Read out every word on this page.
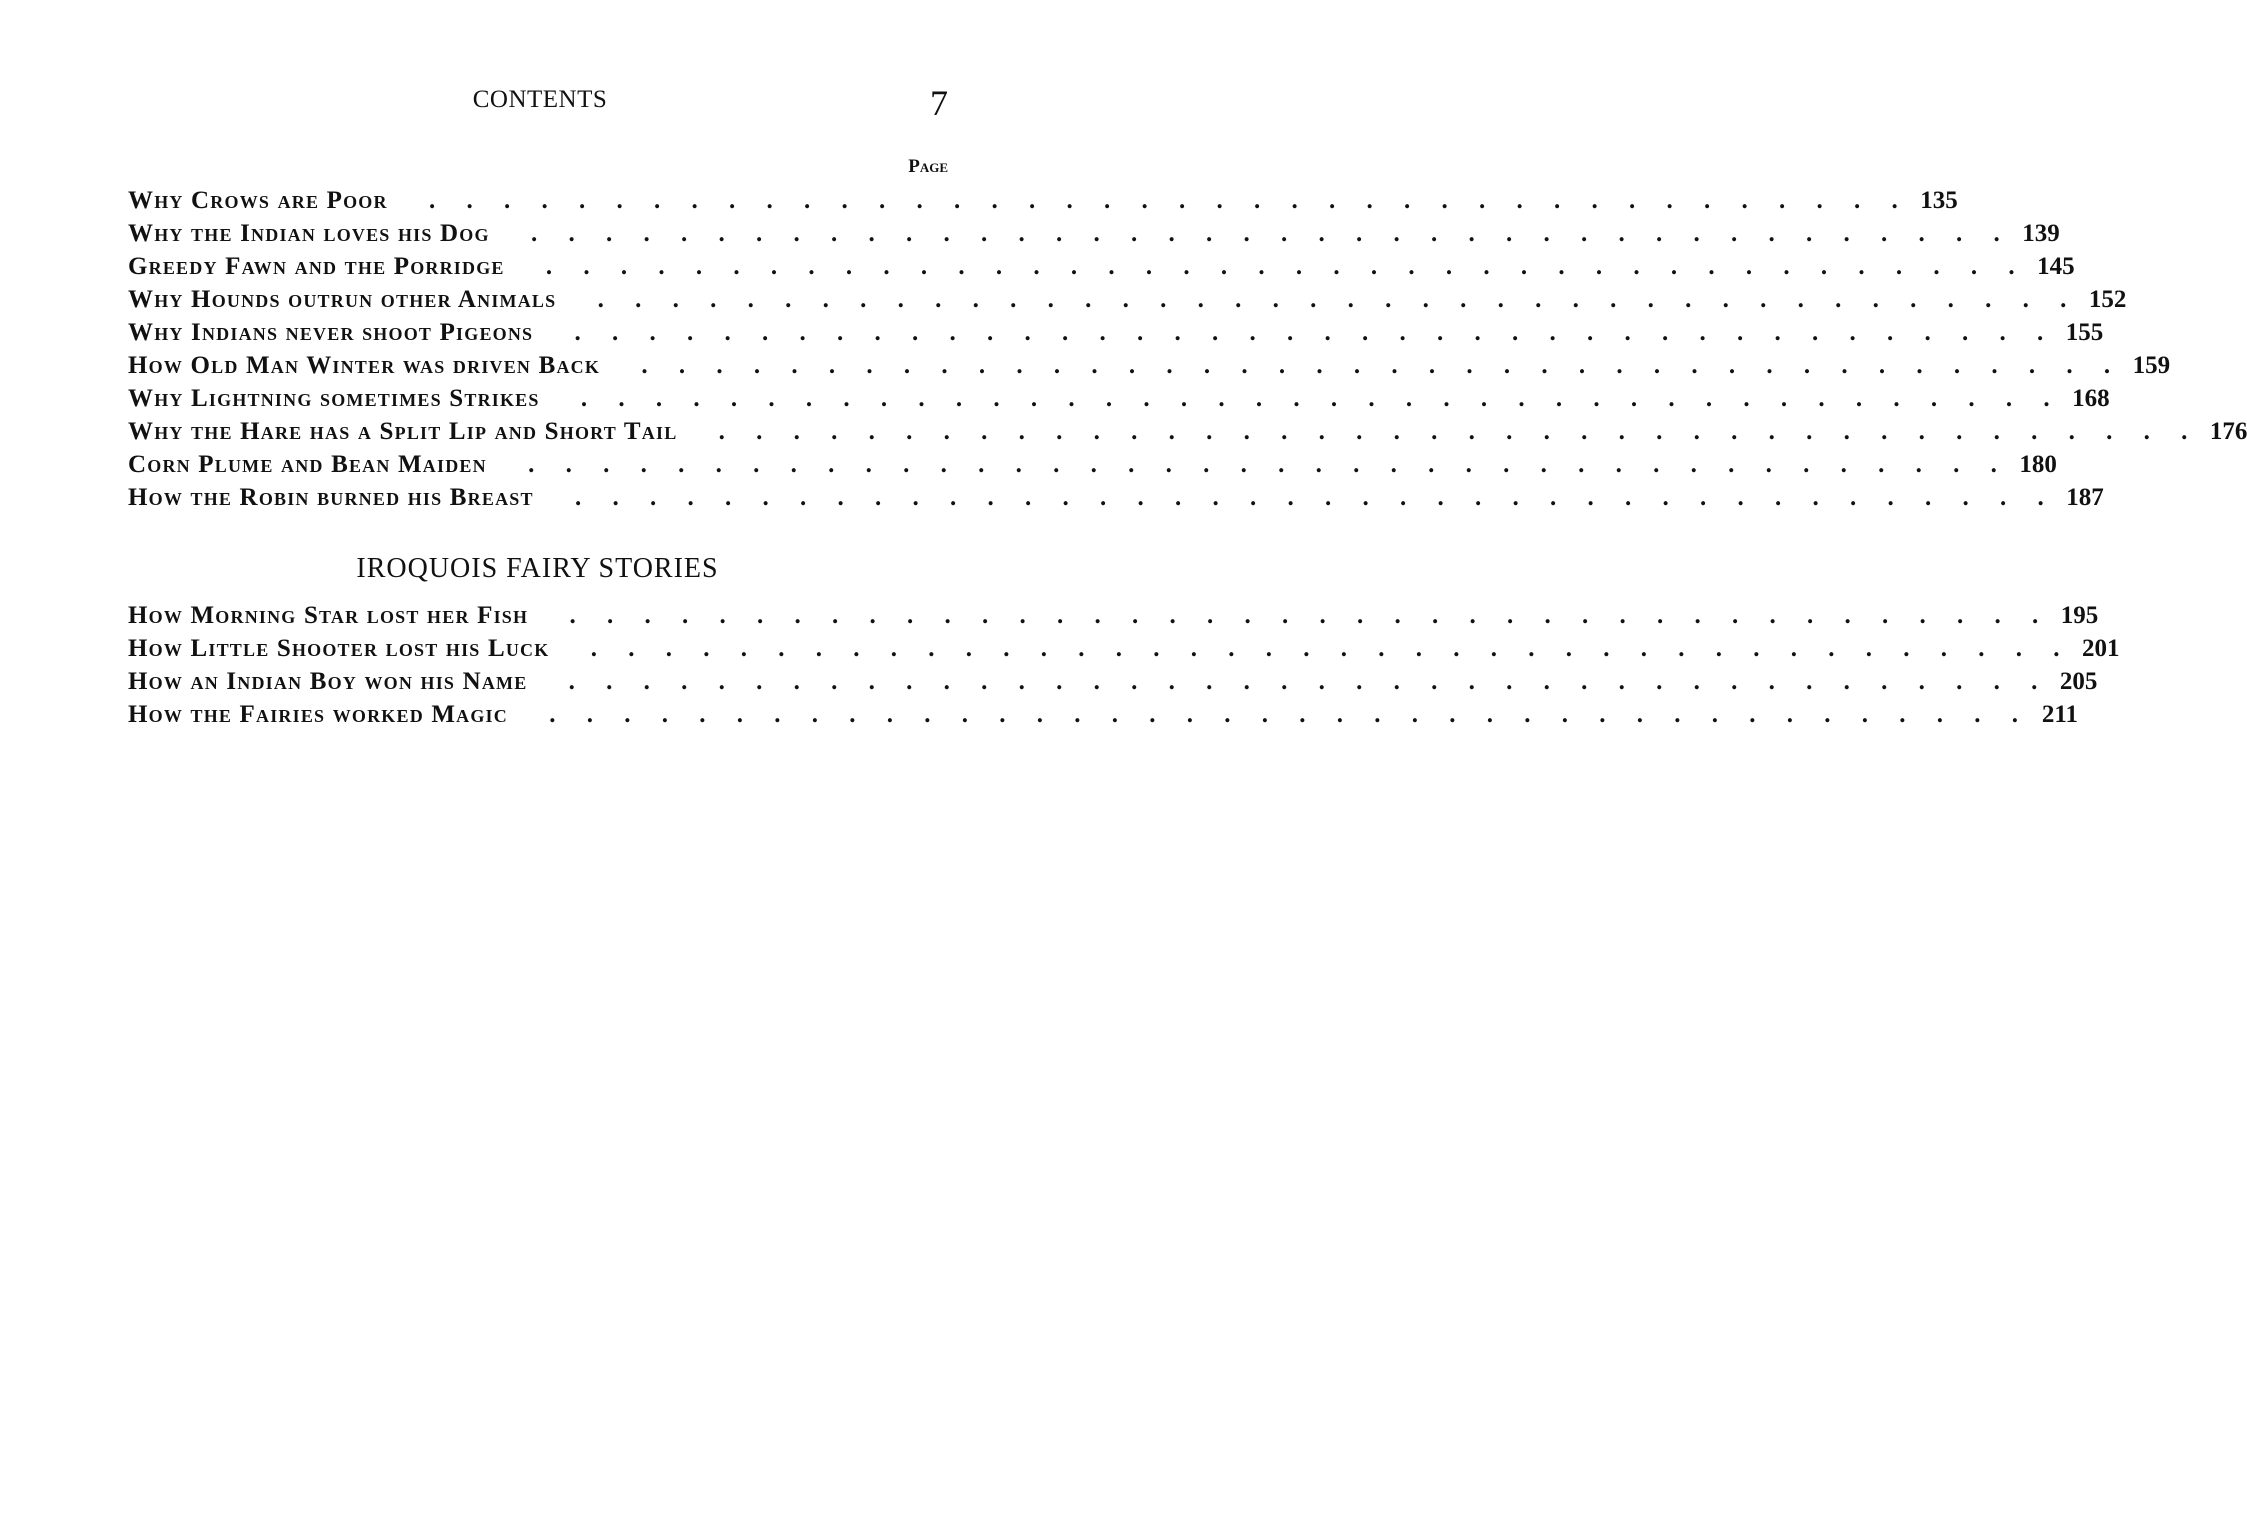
CONTENTS	7
Page
Why Crows are Poor .     .     .     .     .     .     .     .     .     .     .     .     .     .     .     .     .     .     .     .     .     .     .     .     .     .     .     .     .     .     .     .     .     .     .     .     .     .     .     . 135
Why the Indian loves his Dog .     .     .     .     .     .     .     .     .     .     .     .     .     .     .     .     .     .     .     .     .     .     .     .     .     .     .     .     .     .     .     .     .     .     .     .     .     .     .     . 139
Greedy Fawn and the Porridge .     .     .     .     .     .     .     .     .     .     .     .     .     .     .     .     .     .     .     .     .     .     .     .     .     .     .     .     .     .     .     .     .     .     .     .     .     .     .     . 145
Why Hounds outrun other Animals .     .     .     .     .     .     .     .     .     .     .     .     .     .     .     .     .     .     .     .     .     .     .     .     .     .     .     .     .     .     .     .     .     .     .     .     .     .     .     . 152
Why Indians never shoot Pigeons .     .     .     .     .     .     .     .     .     .     .     .     .     .     .     .     .     .     .     .     .     .     .     .     .     .     .     .     .     .     .     .     .     .     .     .     .     .     .     . 155
How Old Man Winter was driven Back .     .     .     .     .     .     .     .     .     .     .     .     .     .     .     .     .     .     .     .     .     .     .     .     .     .     .     .     .     .     .     .     .     .     .     .     .     .     .     . 159
Why Lightning sometimes Strikes .     .     .     .     .     .     .     .     .     .     .     .     .     .     .     .     .     .     .     .     .     .     .     .     .     .     .     .     .     .     .     .     .     .     .     .     .     .     .     . 168
Why the Hare has a Split Lip and Short Tail .     .     .     .     .     .     .     .     .     .     .     .     .     .     .     .     .     .     .     .     .     .     .     .     .     .     .     .     .     .     .     .     .     .     .     .     .     .     .     . 176
Corn Plume and Bean Maiden .     .     .     .     .     .     .     .     .     .     .     .     .     .     .     .     .     .     .     .     .     .     .     .     .     .     .     .     .     .     .     .     .     .     .     .     .     .     .     . 180
How the Robin burned his Breast .     .     .     .     .     .     .     .     .     .     .     .     .     .     .     .     .     .     .     .     .     .     .     .     .     .     .     .     .     .     .     .     .     .     .     .     .     .     .     . 187
IROQUOIS FAIRY STORIES
How Morning Star lost her Fish .     .     .     .     .     .     .     .     .     .     .     .     .     .     .     .     .     .     .     .     .     .     .     .     .     .     .     .     .     .     .     .     .     .     .     .     .     .     .     . 195
How Little Shooter lost his Luck .     .     .     .     .     .     .     .     .     .     .     .     .     .     .     .     .     .     .     .     .     .     .     .     .     .     .     .     .     .     .     .     .     .     .     .     .     .     .     . 201
How an Indian Boy won his Name .     .     .     .     .     .     .     .     .     .     .     .     .     .     .     .     .     .     .     .     .     .     .     .     .     .     .     .     .     .     .     .     .     .     .     .     .     .     .     . 205
How the Fairies worked Magic .     .     .     .     .     .     .     .     .     .     .     .     .     .     .     .     .     .     .     .     .     .     .     .     .     .     .     .     .     .     .     .     .     .     .     .     .     .     .     . 211
